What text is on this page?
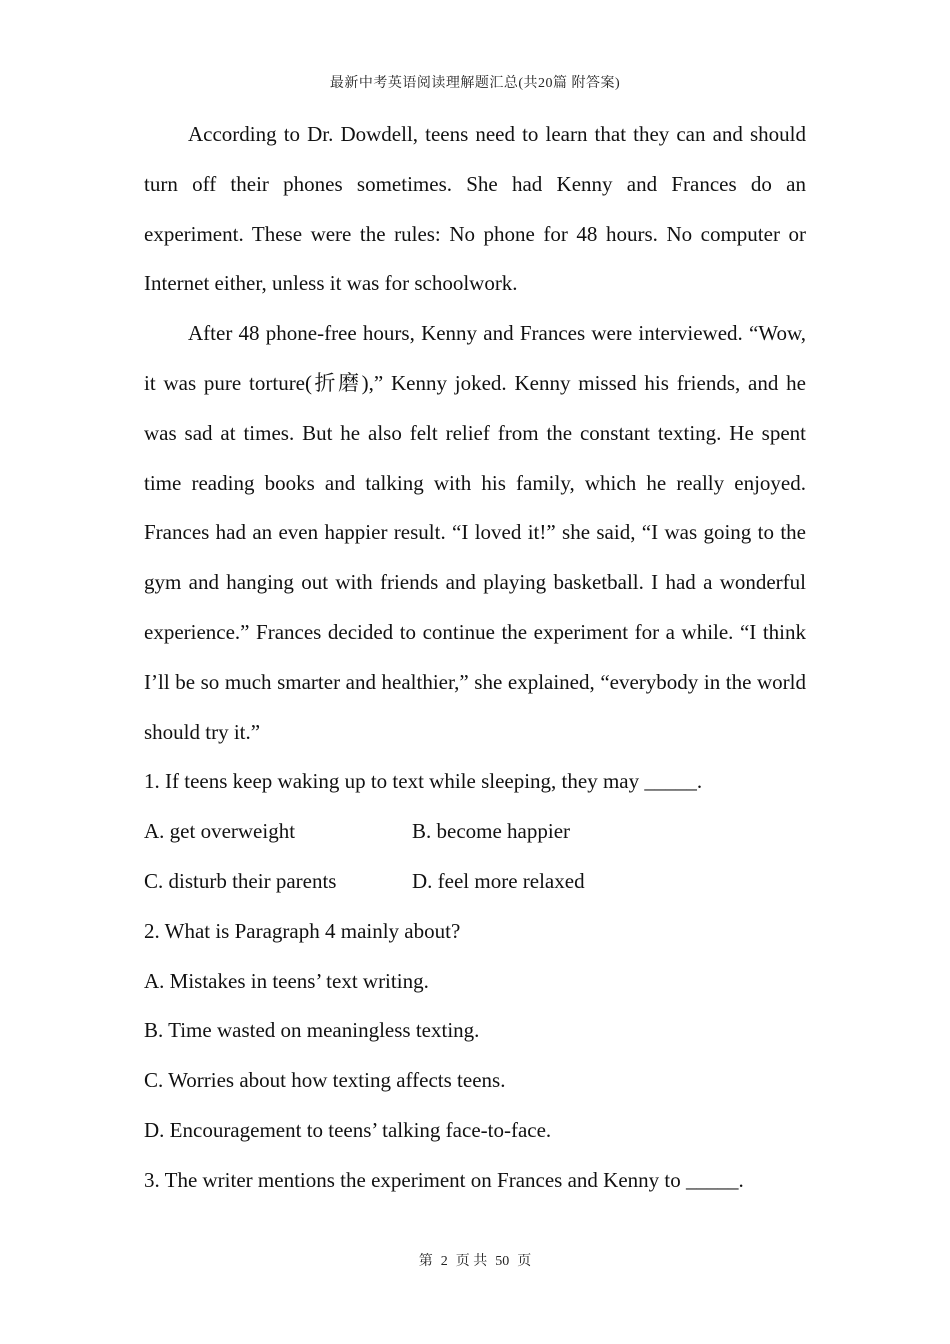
最新中考英语阅读理解题汇总(共20篇 附答案)

According to Dr. Dowdell, teens need to learn that they can and should turn off their phones sometimes. She had Kenny and Frances do an experiment. These were the rules: No phone for 48 hours. No computer or Internet either, unless it was for schoolwork.

After 48 phone-free hours, Kenny and Frances were interviewed. “Wow, it was pure torture(折磨),” Kenny joked. Kenny missed his friends, and he was sad at times. But he also felt relief from the constant texting. He spent time reading books and talking with his family, which he really enjoyed. Frances had an even happier result. “I loved it!” she said, “I was going to the gym and hanging out with friends and playing basketball. I had a wonderful experience.” Frances decided to continue the experiment for a while. “I think I’ll be so much smarter and healthier,” she explained, “everybody in the world should try it.”

1. If teens keep waking up to text while sleeping, they may _____.

A. get overweight	B. become happier
C. disturb their parents	D. feel more relaxed

2. What is Paragraph 4 mainly about?

A. Mistakes in teens’ text writing.

B. Time wasted on meaningless texting.

C. Worries about how texting affects teens.

D. Encouragement to teens’ talking face-to-face.

3. The writer mentions the experiment on Frances and Kenny to _____.

第 2 页 共 50 页
